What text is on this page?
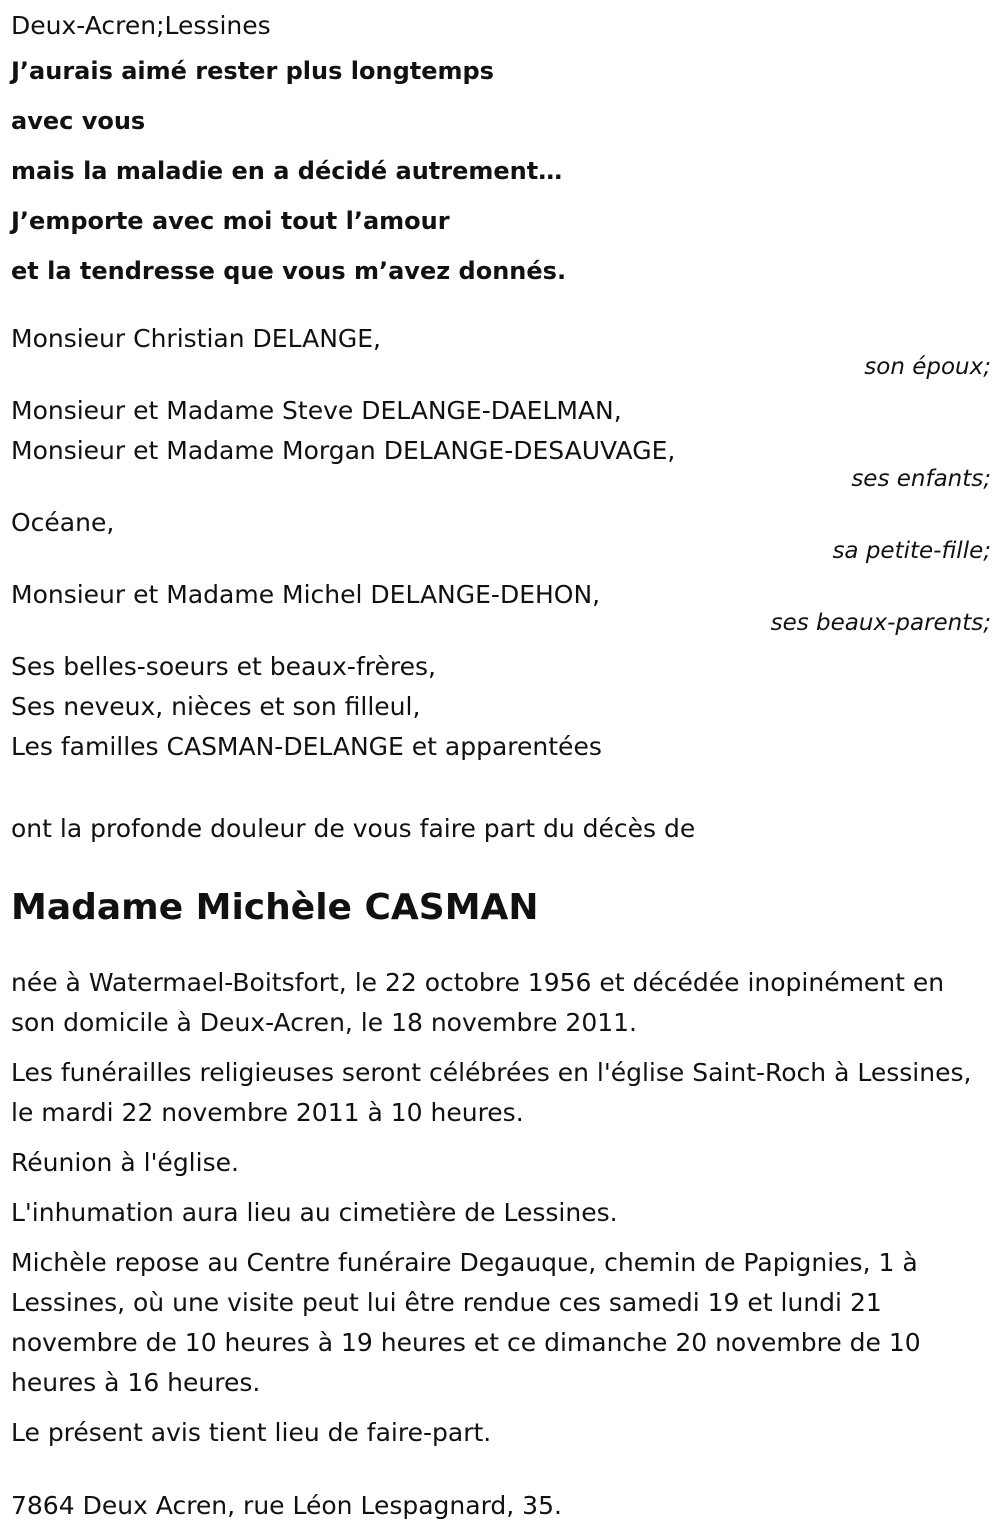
Deux-Acren;Lessines
J’aurais aimé rester plus longtemps
avec vous
mais la maladie en a décidé autrement…
J’emporte avec moi tout l’amour
et la tendresse que vous m’avez donnés.
Monsieur Christian DELANGE,
son époux;
Monsieur et Madame Steve DELANGE-DAELMAN,
Monsieur et Madame Morgan DELANGE-DESAUVAGE,
ses enfants;
Océane,
sa petite-fille;
Monsieur et Madame Michel DELANGE-DEHON,
ses beaux-parents;
Ses belles-soeurs et beaux-frères,
Ses neveux, nièces et son filleul,
Les familles CASMAN-DELANGE et apparentées
ont la profonde douleur de vous faire part du décès de
Madame Michèle CASMAN
née à Watermael-Boitsfort, le 22 octobre 1956 et décédée inopinément en son domicile à Deux-Acren, le 18 novembre 2011.
Les funérailles religieuses seront célébrées en l'église Saint-Roch à Lessines, le mardi 22 novembre 2011 à 10 heures.
Réunion à l'église.
L'inhumation aura lieu au cimetière de Lessines.
Michèle repose au Centre funéraire Degauque, chemin de Papignies, 1 à Lessines, où une visite peut lui être rendue ces samedi 19 et lundi 21 novembre de 10 heures à 19 heures et ce dimanche 20 novembre de 10 heures à 16 heures.
Le présent avis tient lieu de faire-part.
7864 Deux Acren, rue Léon Lespagnard, 35.
